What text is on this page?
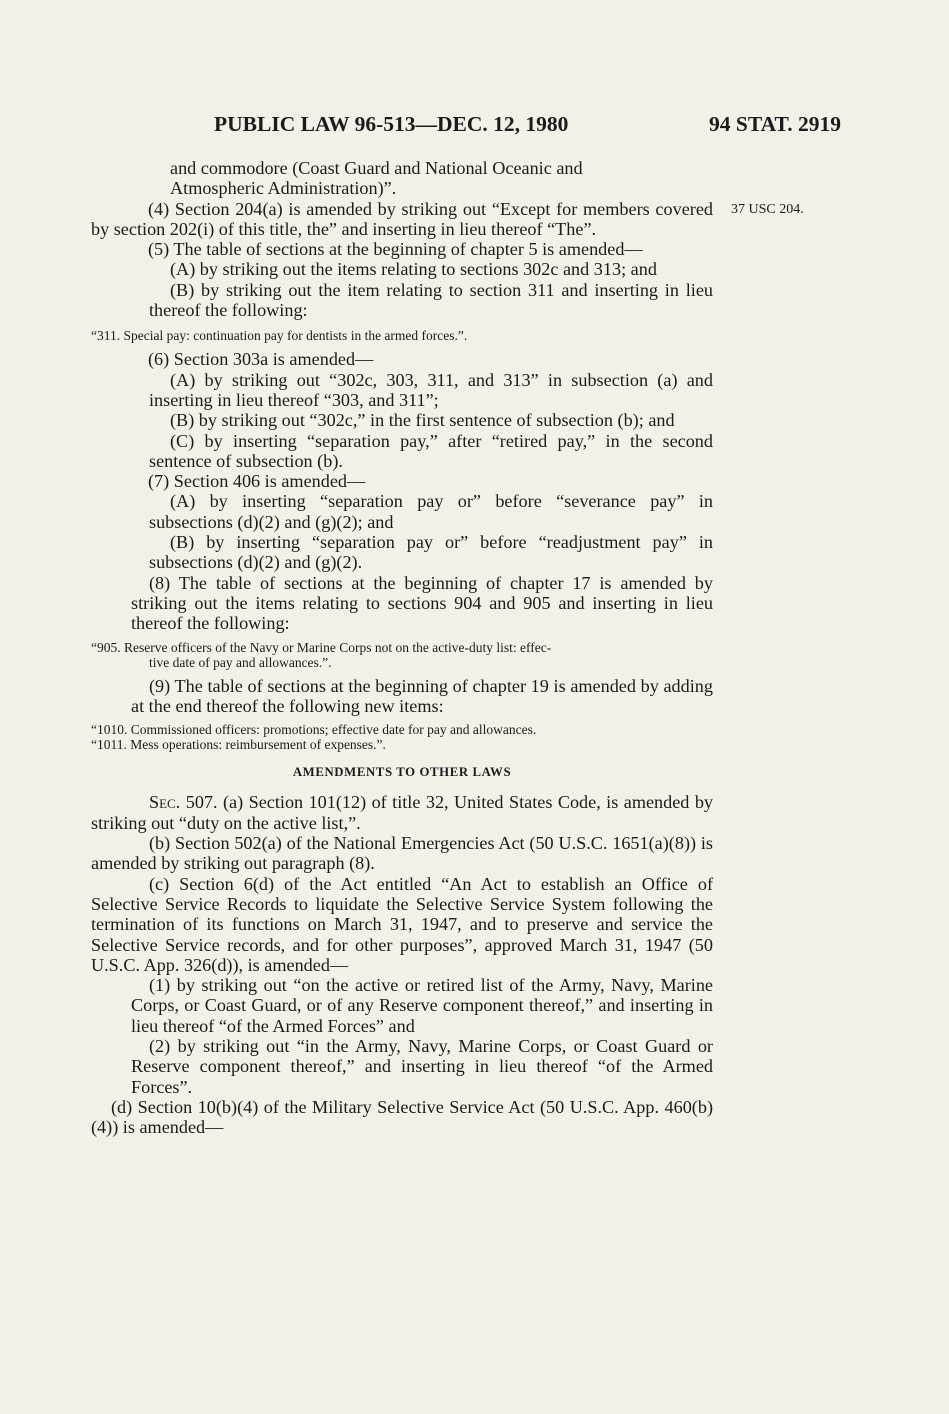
PUBLIC LAW 96-513—DEC. 12, 1980	94 STAT. 2919
37 USC 204.

and commodore (Coast Guard and National Oceanic and

Atmospheric Administration)”.

(4) Section 204(a) is amended by striking out “Except for members covered by section 202(i) of this title, the” and inserting in lieu thereof “The”.

(5) The table of sections at the beginning of chapter 5 is amended—

(A) by striking out the items relating to sections 302c and 313; and

(B) by striking out the item relating to section 311 and inserting in lieu thereof the following:

“311. Special pay: continuation pay for dentists in the armed forces.”.

(6) Section 303a is amended—

(A) by striking out “302c, 303, 311, and 313” in subsection (a) and inserting in lieu thereof “303, and 311”;

(B) by striking out “302c,” in the first sentence of subsection (b); and

(C) by inserting “separation pay,” after “retired pay,” in the second sentence of subsection (b).

(7) Section 406 is amended—

(A) by inserting “separation pay or” before “severance pay” in subsections (d)(2) and (g)(2); and

(B) by inserting “separation pay or” before “readjustment pay” in subsections (d)(2) and (g)(2).

(8) The table of sections at the beginning of chapter 17 is amended by striking out the items relating to sections 904 and 905 and inserting in lieu thereof the following:

“905. Reserve officers of the Navy or Marine Corps not on the active-duty list: effec-
tive date of pay and allowances.”.

(9) The table of sections at the beginning of chapter 19 is amended by adding at the end thereof the following new items:

“1010. Commissioned officers: promotions; effective date for pay and allowances.
“1011. Mess operations: reimbursement of expenses.”.
AMENDMENTS TO OTHER LAWS

Sec. 507. (a) Section 101(12) of title 32, United States Code, is amended by striking out “duty on the active list,”.

(b) Section 502(a) of the National Emergencies Act (50 U.S.C. 1651(a)(8)) is amended by striking out paragraph (8).

(c) Section 6(d) of the Act entitled “An Act to establish an Office of Selective Service Records to liquidate the Selective Service System following the termination of its functions on March 31, 1947, and to preserve and service the Selective Service records, and for other purposes”, approved March 31, 1947 (50 U.S.C. App. 326(d)), is amended—

(1) by striking out “on the active or retired list of the Army, Navy, Marine Corps, or Coast Guard, or of any Reserve component thereof,” and inserting in lieu thereof “of the Armed Forces” and

(2) by striking out “in the Army, Navy, Marine Corps, or Coast Guard or Reserve component thereof,” and inserting in lieu thereof “of the Armed Forces”.

(d) Section 10(b)(4) of the Military Selective Service Act (50 U.S.C. App. 460(b)(4)) is amended—
